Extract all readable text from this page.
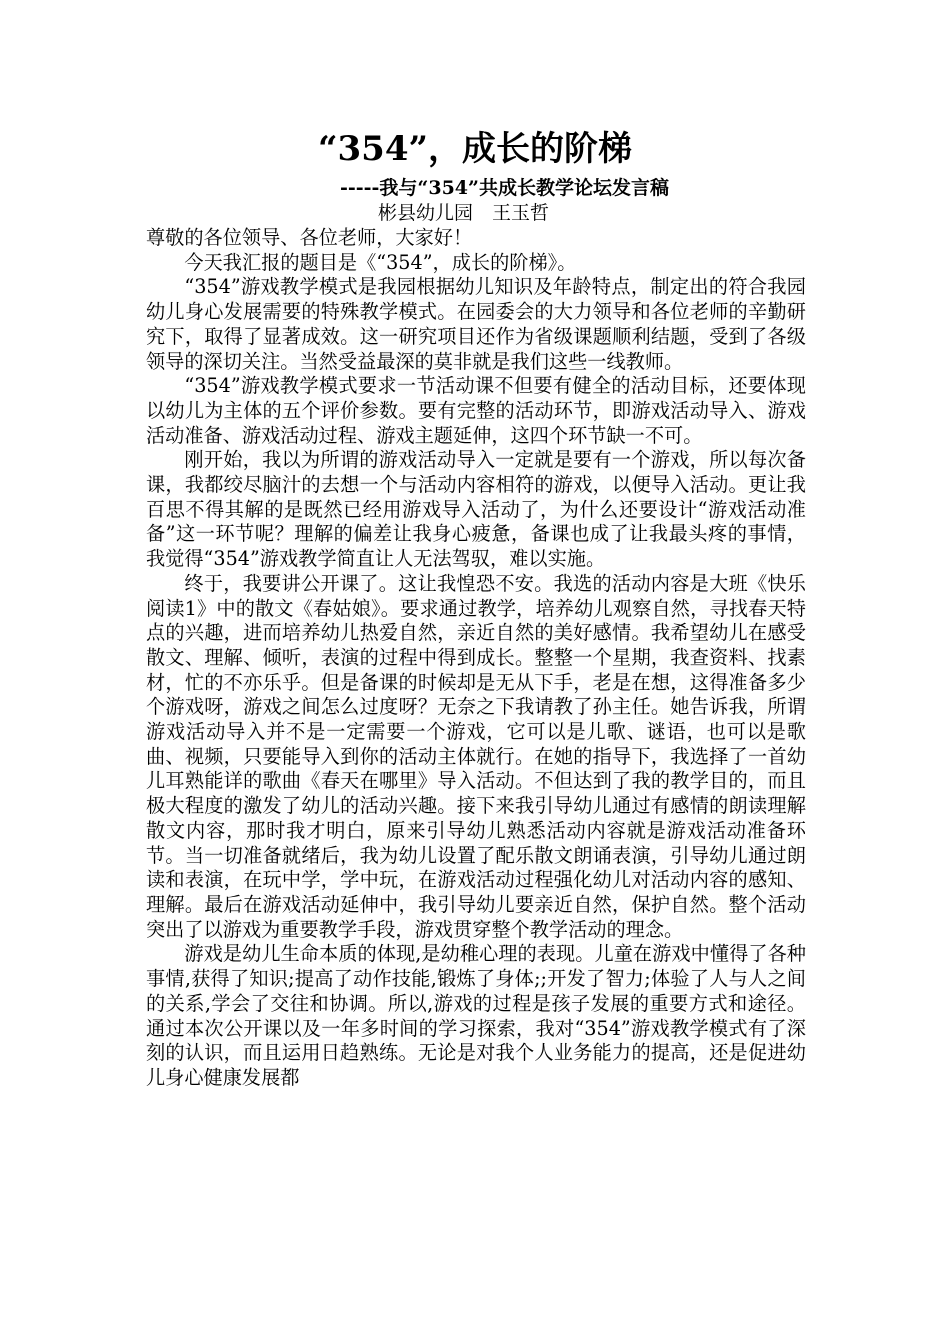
“354”，成长的阶梯
-----我与“354”共成长教学论坛发言稿
彬县幼儿园　王玉哲

尊敬的各位领导、各位老师，大家好！

今天我汇报的题目是《“354”，成长的阶梯》。

“354”游戏教学模式是我园根据幼儿知识及年龄特点，制定出的符合我园幼儿身心发展需要的特殊教学模式。在园委会的大力领导和各位老师的辛勤研究下，取得了显著成效。这一研究项目还作为省级课题顺利结题，受到了各级领导的深切关注。当然受益最深的莫非就是我们这些一线教师。

“354”游戏教学模式要求一节活动课不但要有健全的活动目标，还要体现以幼儿为主体的五个评价参数。要有完整的活动环节，即游戏活动导入、游戏活动准备、游戏活动过程、游戏主题延伸，这四个环节缺一不可。

刚开始，我以为所谓的游戏活动导入一定就是要有一个游戏，所以每次备课，我都绞尽脑汁的去想一个与活动内容相符的游戏，以便导入活动。更让我百思不得其解的是既然已经用游戏导入活动了，为什么还要设计“游戏活动准备”这一环节呢？理解的偏差让我身心疲惫，备课也成了让我最头疼的事情，我觉得“354”游戏教学简直让人无法驾驭，难以实施。

终于，我要讲公开课了。这让我惶恐不安。我选的活动内容是大班《快乐阅读1》中的散文《春姑娘》。要求通过教学，培养幼儿观察自然，寻找春天特点的兴趣，进而培养幼儿热爱自然，亲近自然的美好感情。我希望幼儿在感受散文、理解、倾听，表演的过程中得到成长。整整一个星期，我查资料、找素材，忙的不亦乐乎。但是备课的时候却是无从下手，老是在想，这得准备多少个游戏呀，游戏之间怎么过度呀？无奈之下我请教了孙主任。她告诉我，所谓游戏活动导入并不是一定需要一个游戏，它可以是儿歌、谜语，也可以是歌曲、视频，只要能导入到你的活动主体就行。在她的指导下，我选择了一首幼儿耳熟能详的歌曲《春天在哪里》导入活动。不但达到了我的教学目的，而且极大程度的激发了幼儿的活动兴趣。接下来我引导幼儿通过有感情的朗读理解散文内容，那时我才明白，原来引导幼儿熟悉活动内容就是游戏活动准备环节。当一切准备就绪后，我为幼儿设置了配乐散文朗诵表演，引导幼儿通过朗读和表演，在玩中学，学中玩，在游戏活动过程强化幼儿对活动内容的感知、理解。最后在游戏活动延伸中，我引导幼儿要亲近自然，保护自然。整个活动突出了以游戏为重要教学手段，游戏贯穿整个教学活动的理念。

游戏是幼儿生命本质的体现,是幼稚心理的表现。儿童在游戏中懂得了各种事情,获得了知识;提高了动作技能,锻炼了身体;;开发了智力;体验了人与人之间的关系,学会了交往和协调。所以,游戏的过程是孩子发展的重要方式和途径。通过本次公开课以及一年多时间的学习探索，我对“354”游戏教学模式有了深刻的认识，而且运用日趋熟练。无论是对我个人业务能力的提高，还是促进幼儿身心健康发展都
